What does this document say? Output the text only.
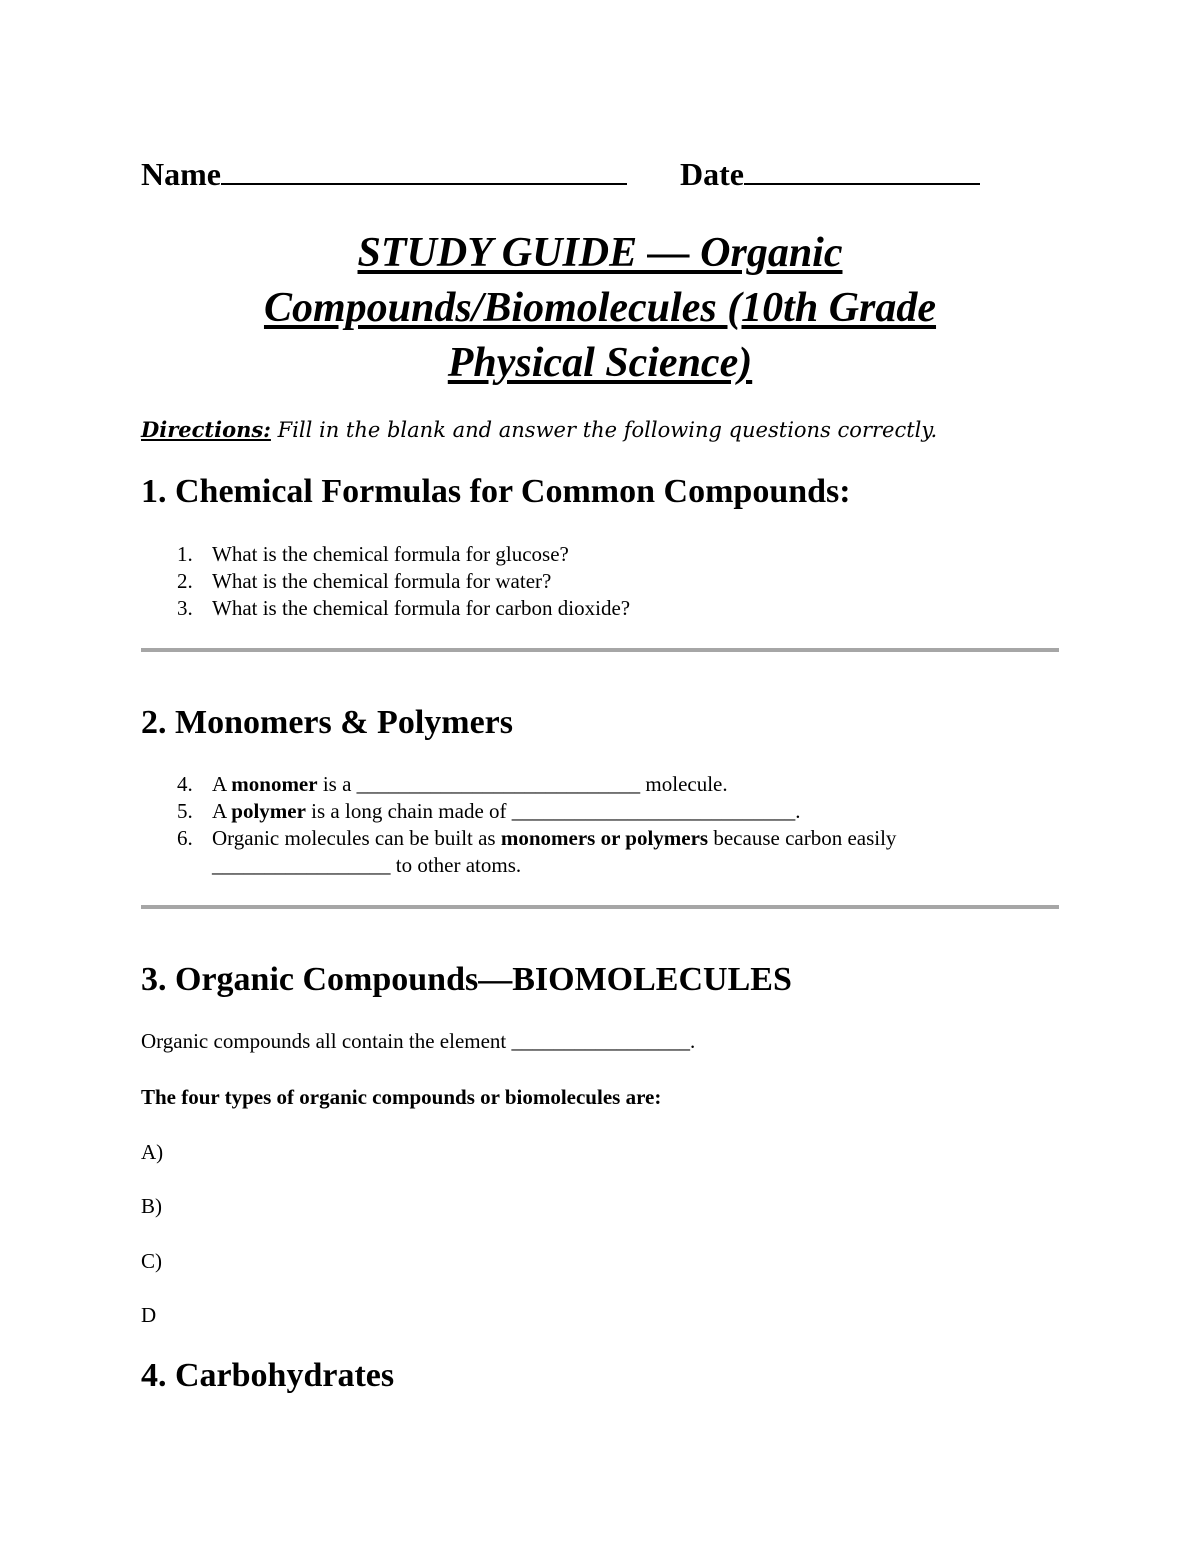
Name	Date
STUDY GUIDE — Organic
Compounds/Biomolecules (10th Grade
Physical Science)
Directions: Fill in the blank and answer the following questions correctly.
1. Chemical Formulas for Common Compounds:
1. What is the chemical formula for glucose?
2. What is the chemical formula for water?
3. What is the chemical formula for carbon dioxide?
2. Monomers & Polymers
4. A monomer is a ___________________________ molecule.
5. A polymer is a long chain made of ___________________________.
6. Organic molecules can be built as monomers or polymers because carbon easily
_________________ to other atoms.
3. Organic Compounds—BIOMOLECULES
Organic compounds all contain the element _________________.
The four types of organic compounds or biomolecules are:
A)
B)
C)
D
4. Carbohydrates
